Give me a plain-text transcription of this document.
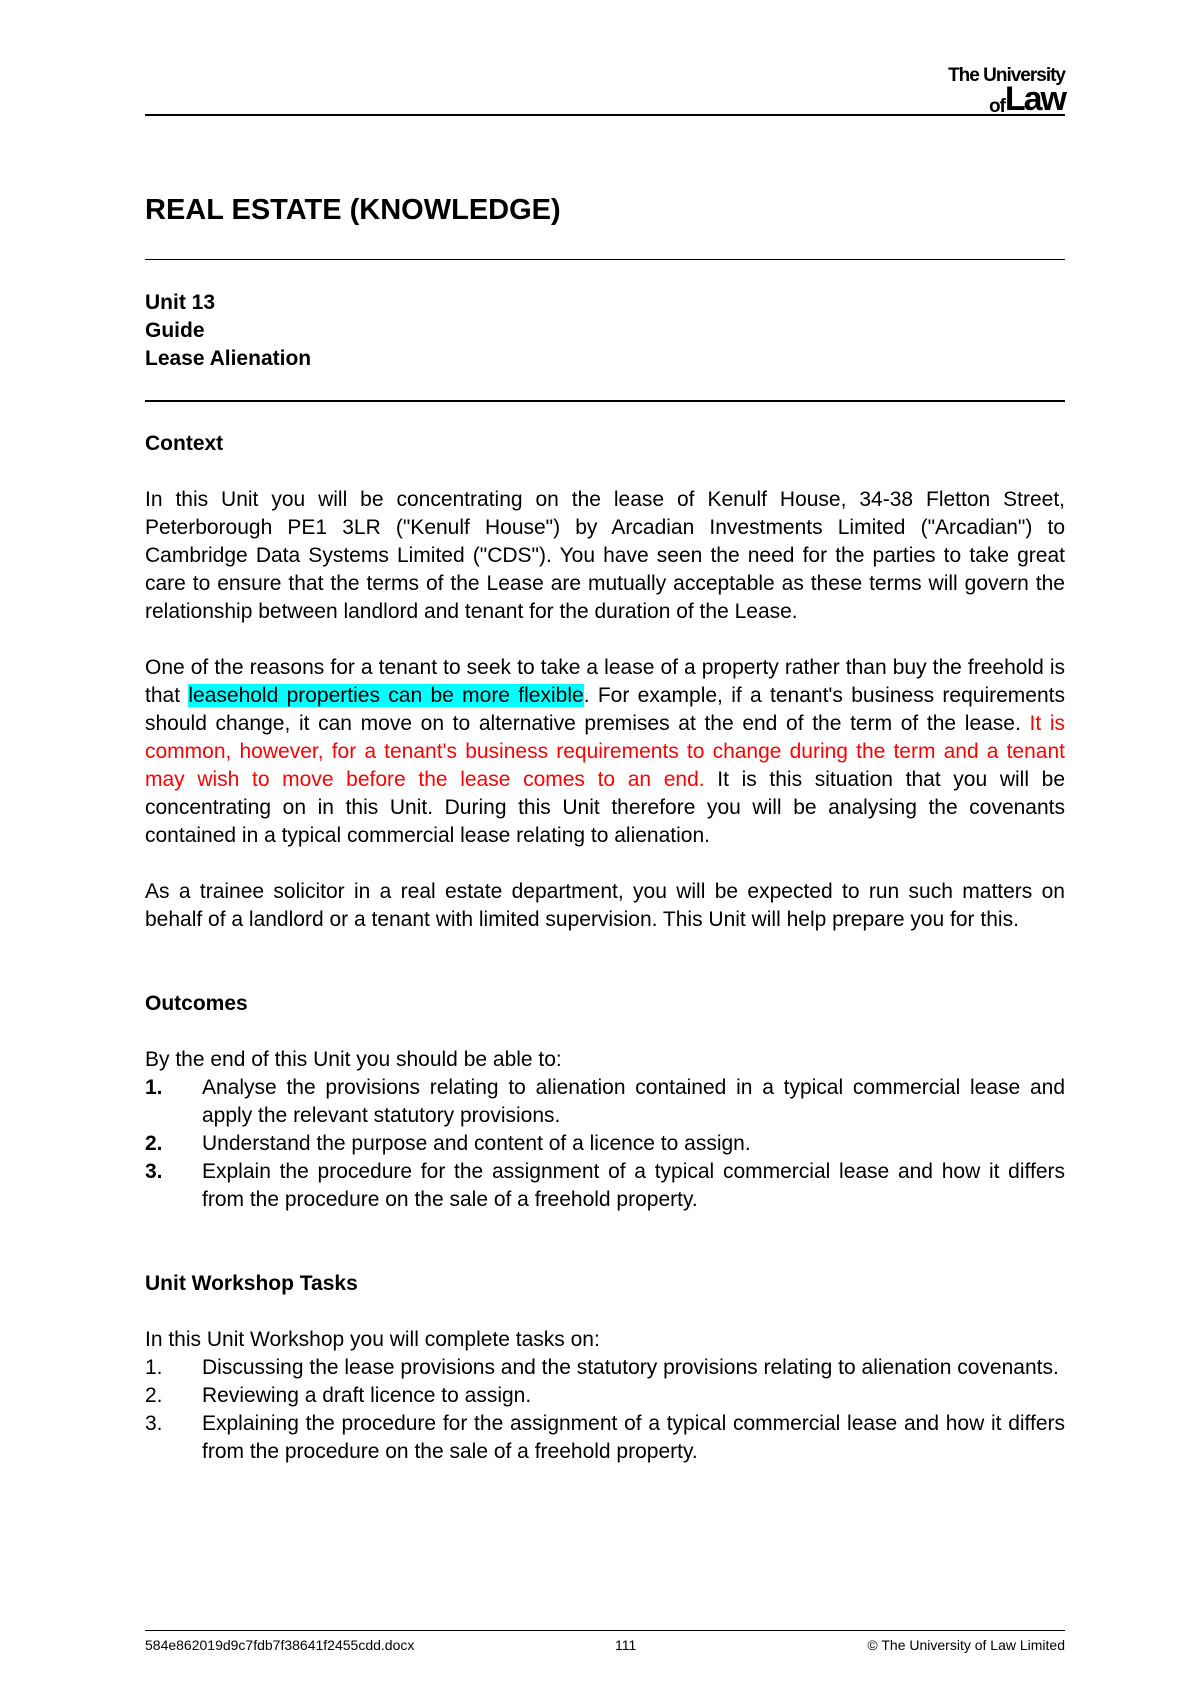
The University
ofLaw
REAL ESTATE (KNOWLEDGE)
Unit 13
Guide
Lease Alienation
Context

In this Unit you will be concentrating on the lease of Kenulf House, 34-38 Fletton Street, Peterborough PE1 3LR ("Kenulf House") by Arcadian Investments Limited ("Arcadian") to Cambridge Data Systems Limited ("CDS"). You have seen the need for the parties to take great care to ensure that the terms of the Lease are mutually acceptable as these terms will govern the relationship between landlord and tenant for the duration of the Lease.

One of the reasons for a tenant to seek to take a lease of a property rather than buy the freehold is that leasehold properties can be more flexible. For example, if a tenant's business requirements should change, it can move on to alternative premises at the end of the term of the lease. It is common, however, for a tenant's business requirements to change during the term and a tenant may wish to move before the lease comes to an end. It is this situation that you will be concentrating on in this Unit. During this Unit therefore you will be analysing the covenants contained in a typical commercial lease relating to alienation.

As a trainee solicitor in a real estate department, you will be expected to run such matters on behalf of a landlord or a tenant with limited supervision. This Unit will help prepare you for this.

Outcomes

By the end of this Unit you should be able to:

1. Analyse the provisions relating to alienation contained in a typical commercial lease and apply the relevant statutory provisions.
2. Understand the purpose and content of a licence to assign.
3. Explain the procedure for the assignment of a typical commercial lease and how it differs from the procedure on the sale of a freehold property.
Unit Workshop Tasks

In this Unit Workshop you will complete tasks on:

1. Discussing the lease provisions and the statutory provisions relating to alienation covenants.
2. Reviewing a draft licence to assign.
3. Explaining the procedure for the assignment of a typical commercial lease and how it differs from the procedure on the sale of a freehold property.
584e862019d9c7fdb7f38641f2455cdd.docx	111	© The University of Law Limited
